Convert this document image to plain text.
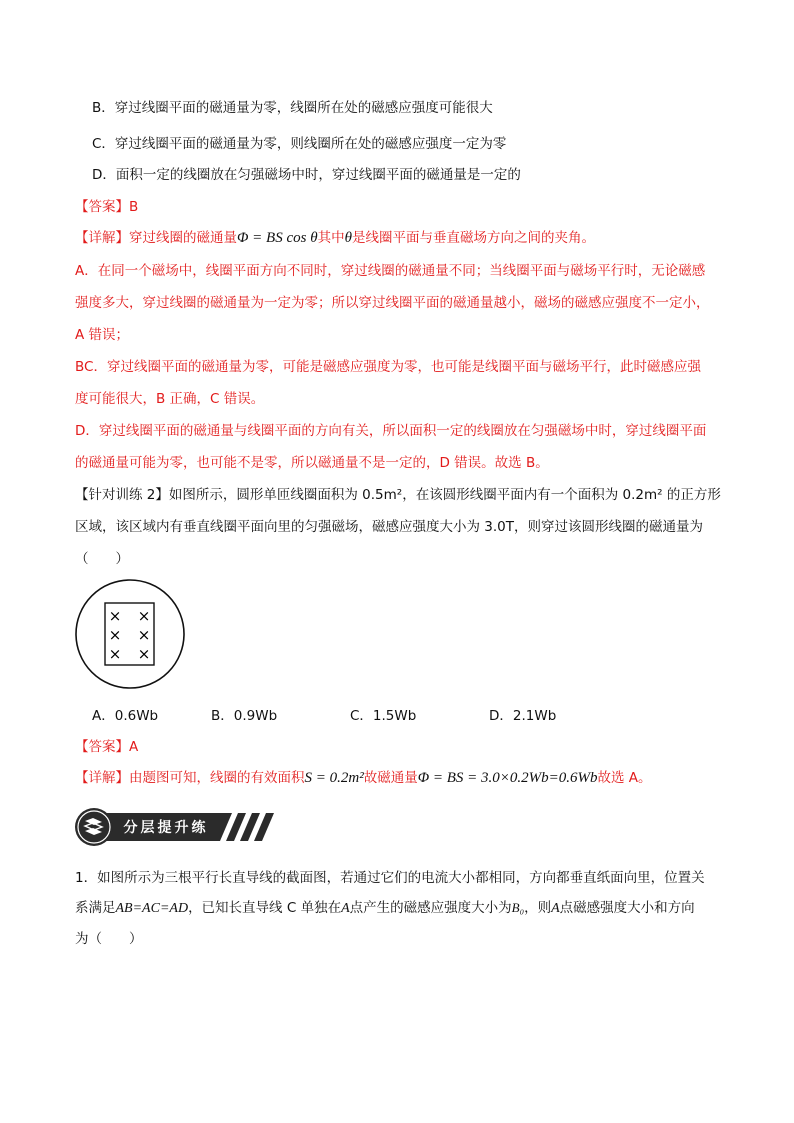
B．穿过线圈平面的磁通量为零，线圈所在处的磁感应强度可能很大
C．穿过线圈平面的磁通量为零，则线圈所在处的磁感应强度一定为零
D．面积一定的线圈放在匀强磁场中时，穿过线圈平面的磁通量是一定的
【答案】B
【详解】穿过线圈的磁通量Φ = BS cos θ其中θ是线圈平面与垂直磁场方向之间的夹角。
A．在同一个磁场中，线圈平面方向不同时，穿过线圈的磁通量不同；当线圈平面与磁场平行时，无论磁感
强度多大，穿过线圈的磁通量为一定为零；所以穿过线圈平面的磁通量越小，磁场的磁感应强度不一定小，
A 错误；
BC．穿过线圈平面的磁通量为零，可能是磁感应强度为零，也可能是线圈平面与磁场平行，此时磁感应强
度可能很大，B 正确，C 错误。
D．穿过线圈平面的磁通量与线圈平面的方向有关，所以面积一定的线圈放在匀强磁场中时，穿过线圈平面
的磁通量可能为零，也可能不是零，所以磁通量不是一定的，D 错误。故选 B。
【针对训练 2】如图所示，圆形单匝线圈面积为 0.5m²，在该圆形线圈平面内有一个面积为 0.2m² 的正方形
区域，该区域内有垂直线圈平面向里的匀强磁场，磁感应强度大小为 3.0T，则穿过该圆形线圈的磁通量为
（　　）
× ×
× ×
× ×
A．0.6Wb	B．0.9Wb	C．1.5Wb	D．2.1Wb
【答案】A
【详解】由题图可知，线圈的有效面积S = 0.2m²故磁通量Φ = BS = 3.0×0.2Wb=0.6Wb故选 A。
分层提升练
1．如图所示为三根平行长直导线的截面图，若通过它们的电流大小都相同，方向都垂直纸面向里，位置关
系满足AB=AC=AD，已知长直导线 C 单独在A点产生的磁感应强度大小为B₀，则A点磁感强度大小和方向
为（　　）
